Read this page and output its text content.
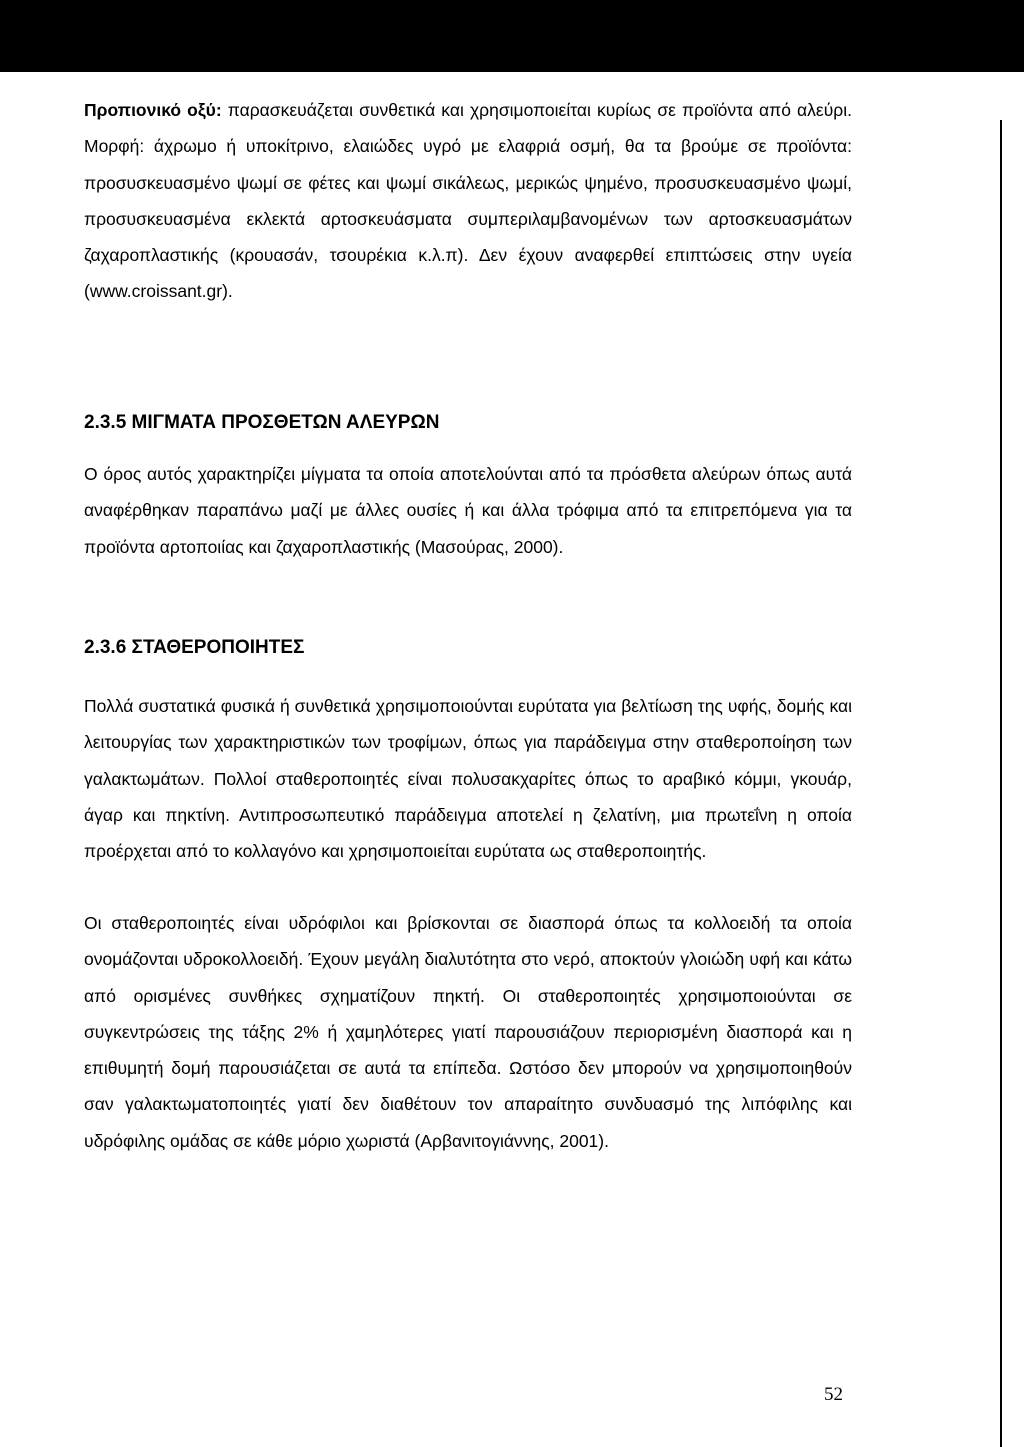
Προπιονικό οξύ: παρασκευάζεται συνθετικά και χρησιμοποιείται κυρίως σε προϊόντα από αλεύρι. Μορφή: άχρωμο ή υποκίτρινο, ελαιώδες υγρό με ελαφριά οσμή, θα τα βρούμε σε προϊόντα: προσυσκευασμένο ψωμί σε φέτες και ψωμί σικάλεως, μερικώς ψημένο, προσυσκευασμένο ψωμί, προσυσκευασμένα εκλεκτά αρτοσκευάσματα συμπεριλαμβανομένων των αρτοσκευασμάτων ζαχαροπλαστικής (κρουασάν, τσουρέκια κ.λ.π). Δεν έχουν αναφερθεί επιπτώσεις στην υγεία (www.croissant.gr).

2.3.5 ΜΙΓΜΑΤΑ ΠΡΟΣΘΕΤΩΝ ΑΛΕΥΡΩΝ

Ο όρος αυτός χαρακτηρίζει μίγματα τα οποία αποτελούνται από τα πρόσθετα αλεύρων όπως αυτά αναφέρθηκαν παραπάνω μαζί με άλλες ουσίες ή και άλλα τρόφιμα από τα επιτρεπόμενα για τα προϊόντα αρτοποιίας και ζαχαροπλαστικής (Μασούρας, 2000).

2.3.6 ΣΤΑΘΕΡΟΠΟΙΗΤΕΣ

Πολλά συστατικά φυσικά ή συνθετικά χρησιμοποιούνται ευρύτατα για βελτίωση της υφής, δομής και λειτουργίας των χαρακτηριστικών των τροφίμων, όπως για παράδειγμα στην σταθεροποίηση των γαλακτωμάτων. Πολλοί σταθεροποιητές είναι πολυσακχαρίτες όπως το αραβικό κόμμι, γκουάρ, άγαρ και πηκτίνη. Αντιπροσωπευτικό παράδειγμα αποτελεί η ζελατίνη, μια πρωτεΐνη η οποία προέρχεται από το κολλαγόνο και χρησιμοποιείται ευρύτατα ως σταθεροποιητής.

Οι σταθεροποιητές είναι υδρόφιλοι και βρίσκονται σε διασπορά όπως τα κολλοειδή τα οποία ονομάζονται υδροκολλοειδή. Έχουν μεγάλη διαλυτότητα στο νερό, αποκτούν γλοιώδη υφή και κάτω από ορισμένες συνθήκες σχηματίζουν πηκτή. Οι σταθεροποιητές χρησιμοποιούνται σε συγκεντρώσεις της τάξης 2% ή χαμηλότερες γιατί παρουσιάζουν περιορισμένη διασπορά και η επιθυμητή δομή παρουσιάζεται σε αυτά τα επίπεδα. Ωστόσο δεν μπορούν να χρησιμοποιηθούν σαν γαλακτωματοποιητές γιατί δεν διαθέτουν τον απαραίτητο συνδυασμό της λιπόφιλης και υδρόφιλης ομάδας σε κάθε μόριο χωριστά (Αρβανιτογιάννης, 2001).

52
